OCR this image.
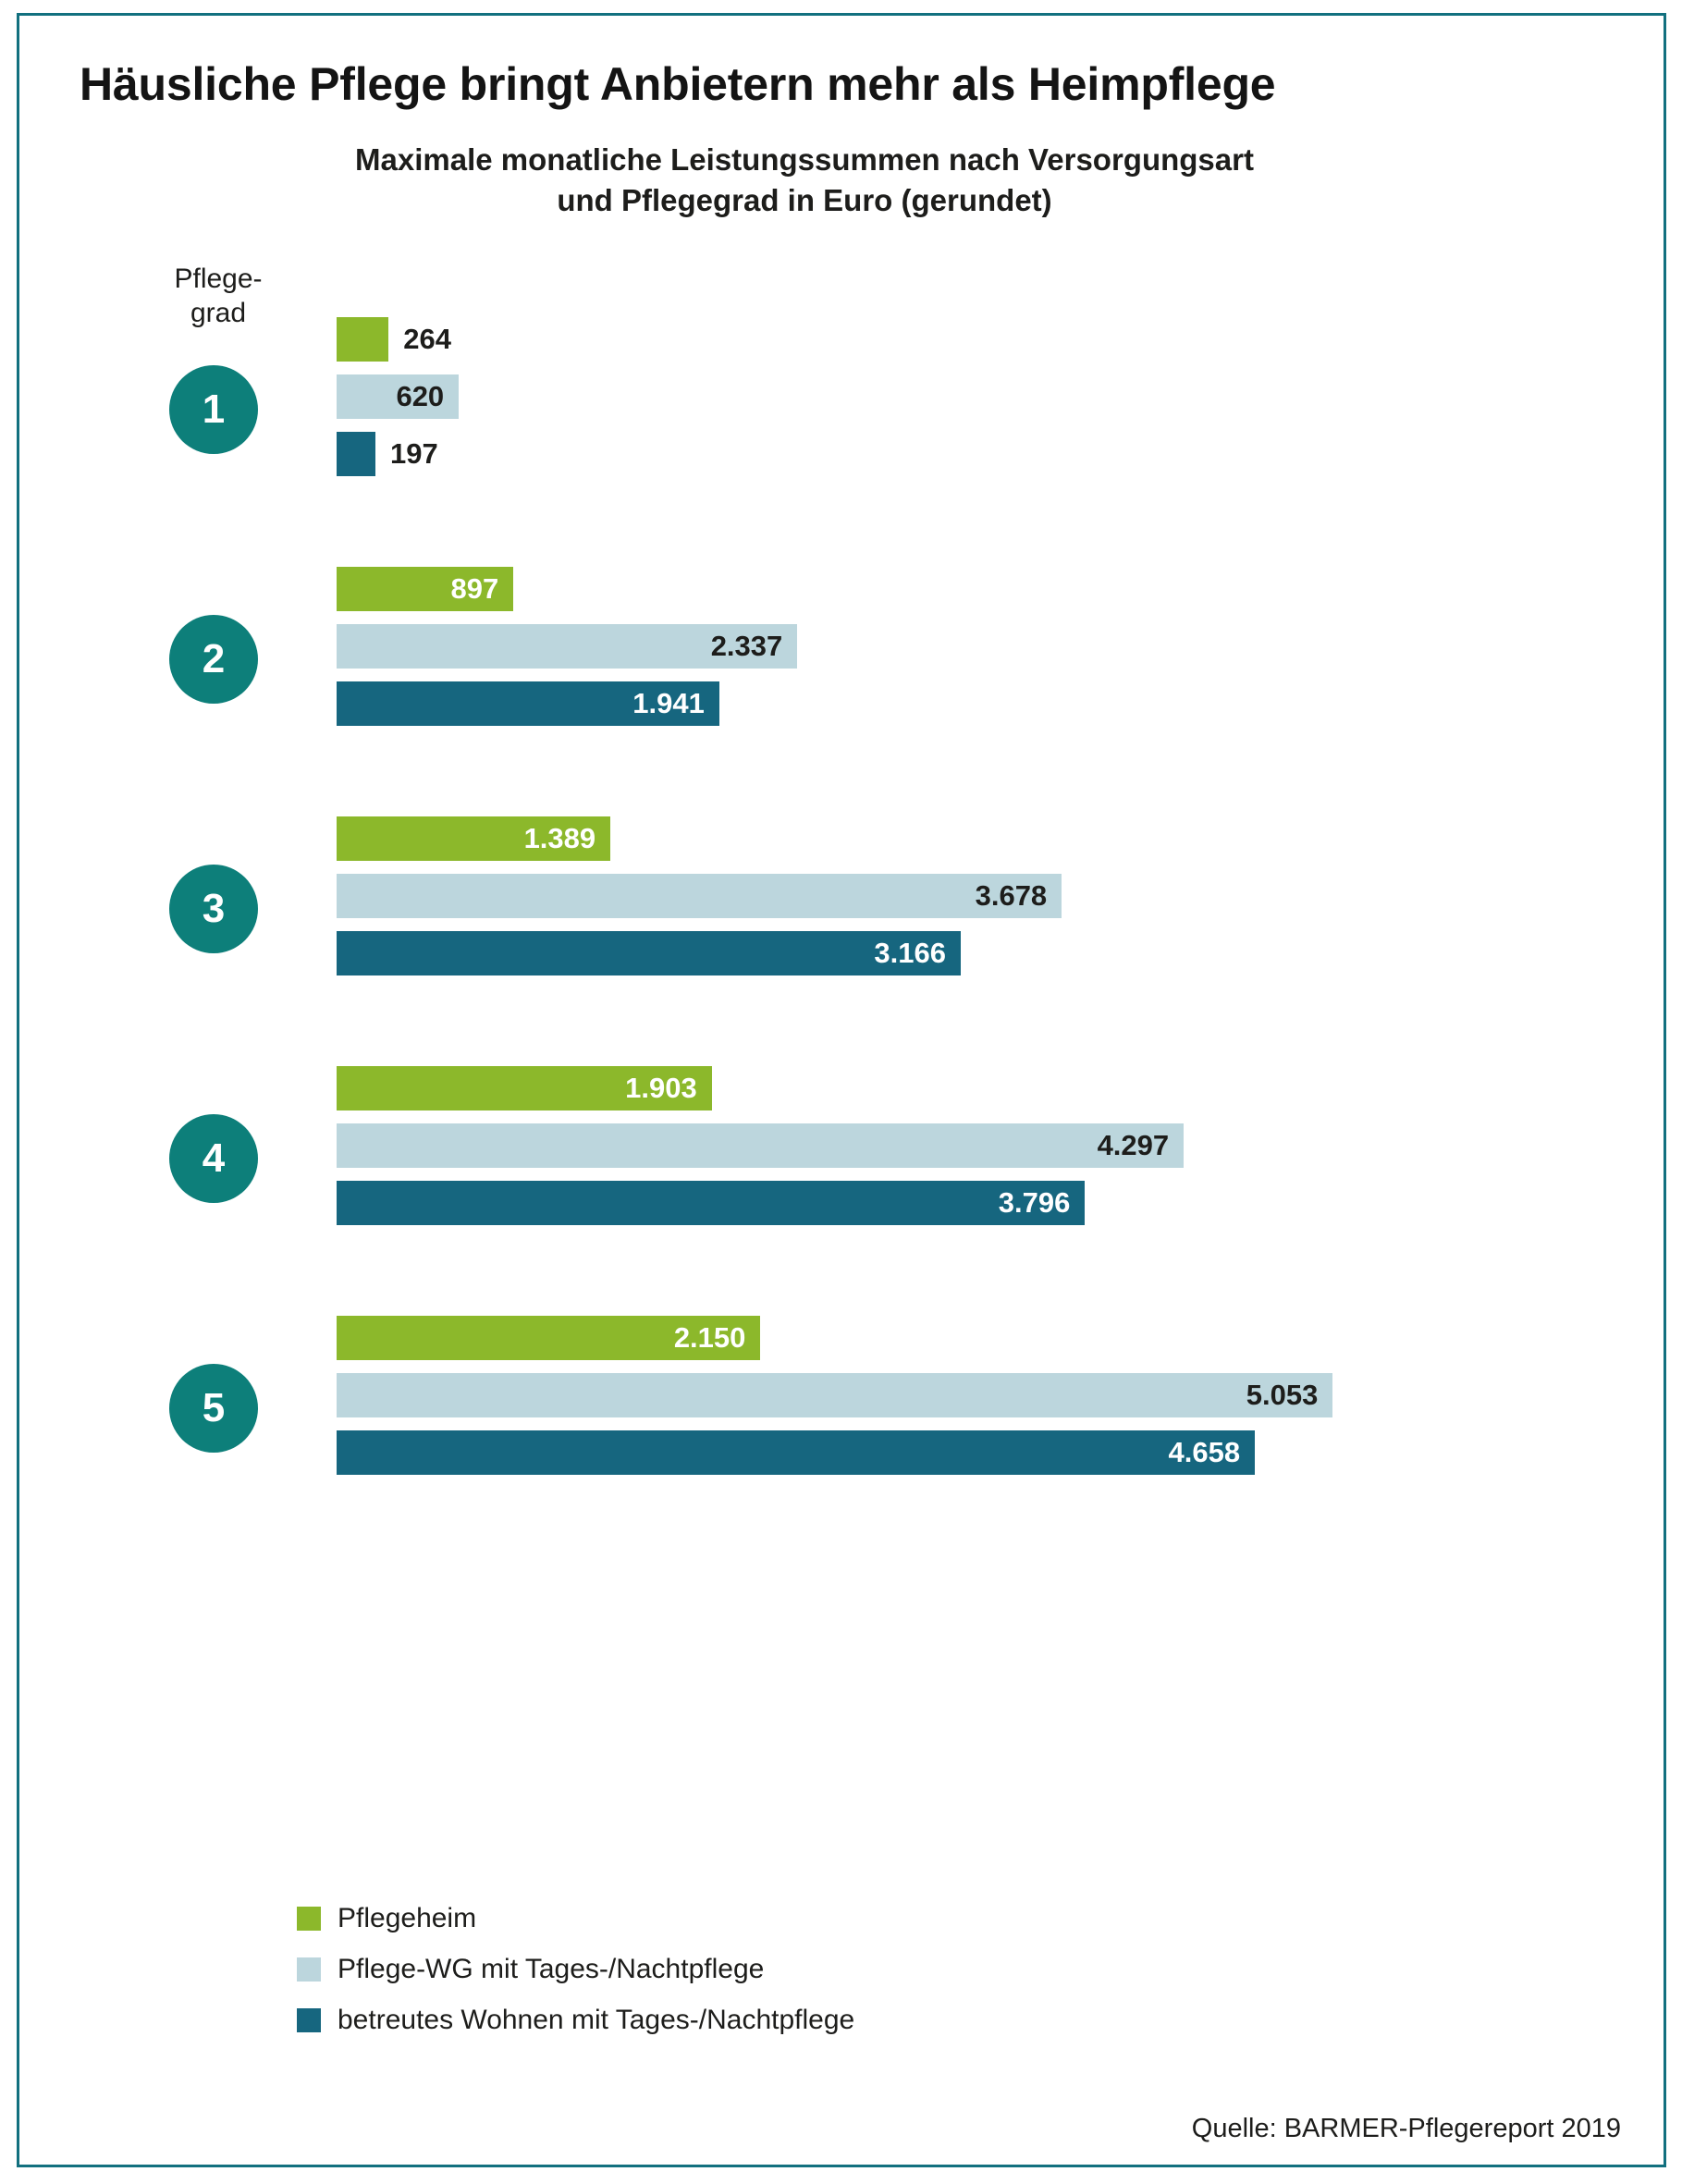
Häusliche Pflege bringt Anbietern mehr als Heimpflege
Maximale monatliche Leistungssummen nach Versorgungsart
und Pflegegrad in Euro (gerundet)
Pflege-
grad
1
264
620
197
2
897
2.337
1.941
3
1.389
3.678
3.166
4
1.903
4.297
3.796
5
2.150
5.053
4.658
Pflegeheim
Pflege-WG mit Tages-/Nachtpflege
betreutes Wohnen mit Tages-/Nachtpflege
Quelle: BARMER-Pflegereport 2019
